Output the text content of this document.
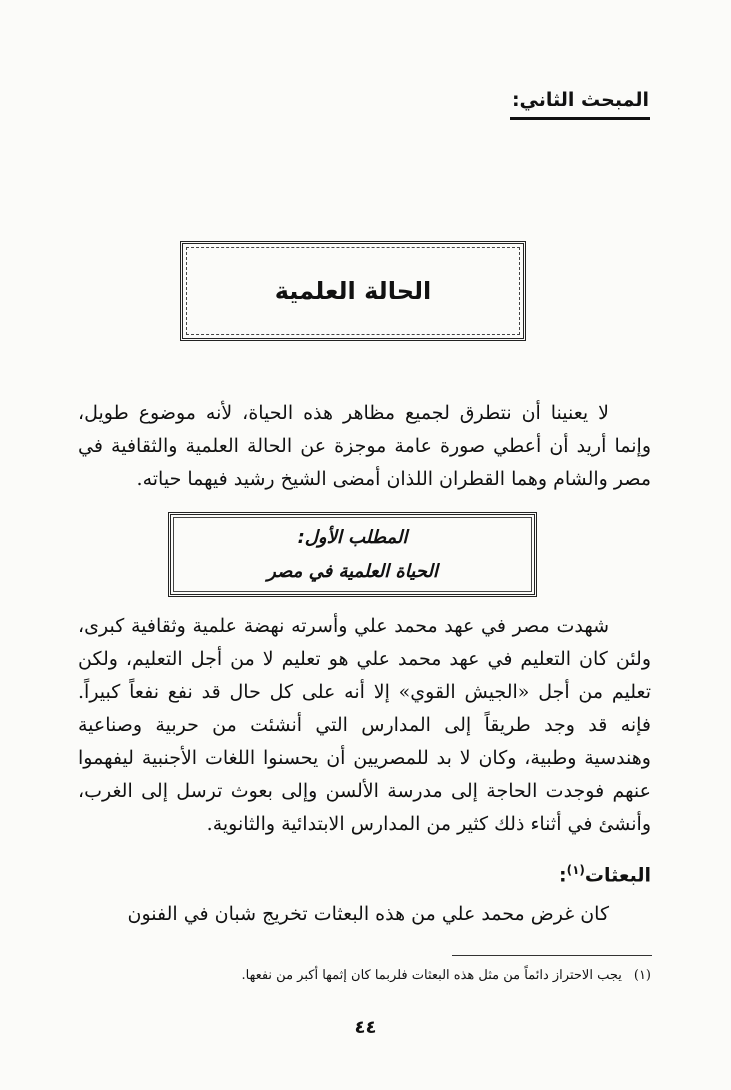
المبحث الثاني:
الحالة العلمية

لا يعنينا أن نتطرق لجميع مظاهر هذه الحياة، لأنه موضوع طويل، وإنما أريد أن أعطي صورة عامة موجزة عن الحالة العلمية والثقافية في مصر والشام وهما القطران اللذان أمضى الشيخ رشيد فيهما حياته.

المطلب الأول:
الحياة العلمية في مصر

شهدت مصر في عهد محمد علي وأسرته نهضة علمية وثقافية كبرى، ولئن كان التعليم في عهد محمد علي هو تعليم لا من أجل التعليم، ولكن تعليم من أجل «الجيش القوي» إلا أنه على كل حال قد نفع نفعاً كبيراً. فإنه قد وجد طريقاً إلى المدارس التي أنشئت من حربية وصناعية وهندسية وطبية، وكان لا بد للمصريين أن يحسنوا اللغات الأجنبية ليفهموا عنهم فوجدت الحاجة إلى مدرسة الألسن وإلى بعوث ترسل إلى الغرب، وأنشئ في أثناء ذلك كثير من المدارس الابتدائية والثانوية.

البعثات$^{(١)}$:

كان غرض محمد علي من هذه البعثات تخريج شبان في الفنون

(١)يجب الاحتراز دائماً من مثل هذه البعثات فلربما كان إثمها أكبر من نفعها.
٤٤
